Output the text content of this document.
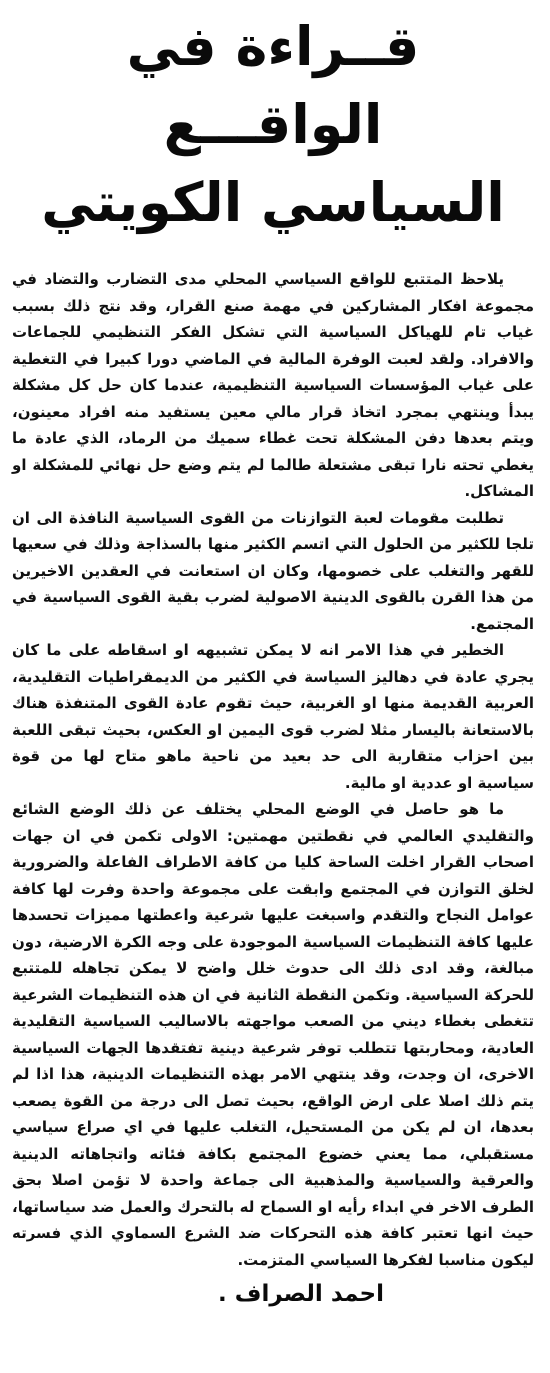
قــراءة في الواقـــع
السياسي الكويتي

يلاحظ المتتبع للواقع السياسي المحلي مدى التضارب والتضاد في مجموعة افكار المشاركين في مهمة صنع القرار، وقد نتج ذلك بسبب غياب تام للهياكل السياسية التي تشكل الفكر التنظيمي للجماعات والافراد. ولقد لعبت الوفرة المالية في الماضي دورا كبيرا في التغطية على غياب المؤسسات السياسية التنظيمية، عندما كان حل كل مشكلة يبدأ وينتهي بمجرد اتخاذ قرار مالي معين يستفيد منه افراد معينون، ويتم بعدها دفن المشكلة تحت غطاء سميك من الرماد، الذي عادة ما يغطي تحته نارا تبقى مشتعلة طالما لم يتم وضع حل نهائي للمشكلة او المشاكل.

تطلبت مقومات لعبة التوازنات من القوى السياسية النافذة الى ان تلجا للكثير من الحلول التي اتسم الكثير منها بالسذاجة وذلك في سعيها للقهر والتغلب على خصومها، وكان ان استعانت في العقدين الاخيرين من هذا القرن بالقوى الدينية الاصولية لضرب بقية القوى السياسية في المجتمع.

الخطير في هذا الامر انه لا يمكن تشبيهه او اسقاطه على ما كان يجري عادة في دهاليز السياسة في الكثير من الديمقراطيات التقليدية، العربية القديمة منها او الغربية، حيث تقوم عادة القوى المتنفذة هناك بالاستعانة باليسار مثلا لضرب قوى اليمين او العكس، بحيث تبقى اللعبة بين احزاب متقاربة الى حد بعيد من ناحية ماهو متاح لها من قوة سياسية او عددية او مالية.

ما هو حاصل في الوضع المحلي يختلف عن ذلك الوضع الشائع والتقليدي العالمي في نقطتين مهمتين: الاولى تكمن في ان جهات اصحاب القرار اخلت الساحة كليا من كافة الاطراف الفاعلة والضرورية لخلق التوازن في المجتمع وابقت على مجموعة واحدة وفرت لها كافة عوامل النجاح والتقدم واسبغت عليها شرعية واعطتها مميزات تحسدها عليها كافة التنظيمات السياسية الموجودة على وجه الكرة الارضية، دون مبالغة، وقد ادى ذلك الى حدوث خلل واضح لا يمكن تجاهله للمتتبع للحركة السياسية. وتكمن النقطة الثانية في ان هذه التنظيمات الشرعية تتغطى بغطاء ديني من الصعب مواجهته بالاساليب السياسية التقليدية العادية، ومحاربتها تتطلب توفر شرعية دينية تفتقدها الجهات السياسية الاخرى، ان وجدت، وقد ينتهي الامر بهذه التنظيمات الدينية، هذا اذا لم يتم ذلك اصلا على ارض الواقع، بحيث تصل الى درجة من القوة يصعب بعدها، ان لم يكن من المستحيل، التغلب عليها في اي صراع سياسي مستقبلي، مما يعني خضوع المجتمع بكافة فئاته واتجاهاته الدينية والعرقية والسياسية والمذهبية الى جماعة واحدة لا تؤمن اصلا بحق الطرف الاخر في ابداء رأيه او السماح له بالتحرك والعمل ضد سياساتها، حيث انها تعتبر كافة هذه التحركات ضد الشرع السماوي الذي فسرته ليكون مناسبا لفكرها السياسي المتزمت.

احمد الصراف .
